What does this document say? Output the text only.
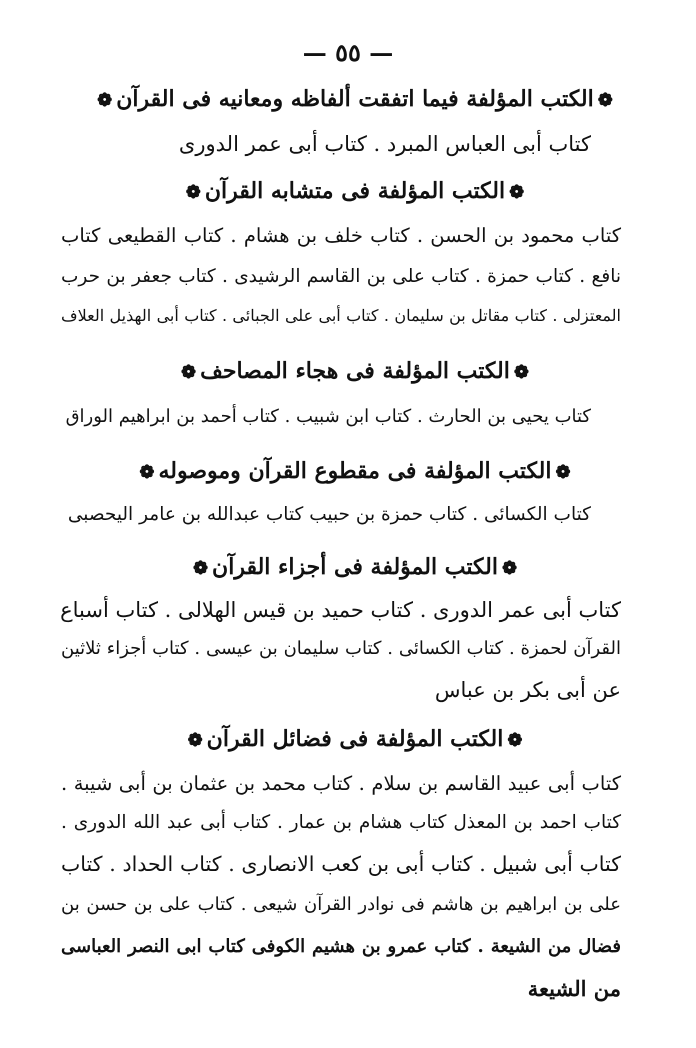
— ٥٥ —
❁الكتب المؤلفة فيما اتفقت ألفاظه ومعانيه فى القرآن❁
كتاب أبى العباس المبرد . كتاب أبى عمر الدورى
❁الكتب المؤلفة فى متشابه القرآن❁
كتاب محمود بن الحسن . كتاب خلف بن هشام . كتاب القطيعى كتاب
نافع . كتاب حمزة . كتاب على بن القاسم الرشيدى . كتاب جعفر بن حرب
المعتزلى . كتاب مقاتل بن سليمان . كتاب أبى على الجبائى . كتاب أبى الهذيل العلاف
❁الكتب المؤلفة فى هجاء المصاحف❁
كتاب يحيى بن الحارث . كتاب ابن شبيب . كتاب أحمد بن ابراهيم الوراق
❁الكتب المؤلفة فى مقطوع القرآن وموصوله❁
كتاب الكسائى . كتاب حمزة بن حبيب كتاب عبدالله بن عامر اليحصبى
❁الكتب المؤلفة فى أجزاء القرآن❁
كتاب أبى عمر الدورى . كتاب حميد بن قيس الهلالى . كتاب أسباع
القرآن لحمزة . كتاب الكسائى . كتاب سليمان بن عيسى . كتاب أجزاء ثلاثين
عن أبى بكر بن عباس
❁الكتب المؤلفة فى فضائل القرآن❁
كتاب أبى عبيد القاسم بن سلام . كتاب محمد بن عثمان بن أبى شيبة .
كتاب احمد بن المعذل كتاب هشام بن عمار . كتاب أبى عبد الله الدورى .
كتاب أبى شبيل . كتاب أبى بن كعب الانصارى . كتاب الحداد . كتاب
على بن ابراهيم بن هاشم فى نوادر القرآن شيعى . كتاب على بن حسن بن
فضال من الشيعة . كتاب عمرو بن هشيم الكوفى كتاب ابى النصر العباسى
من الشيعة
